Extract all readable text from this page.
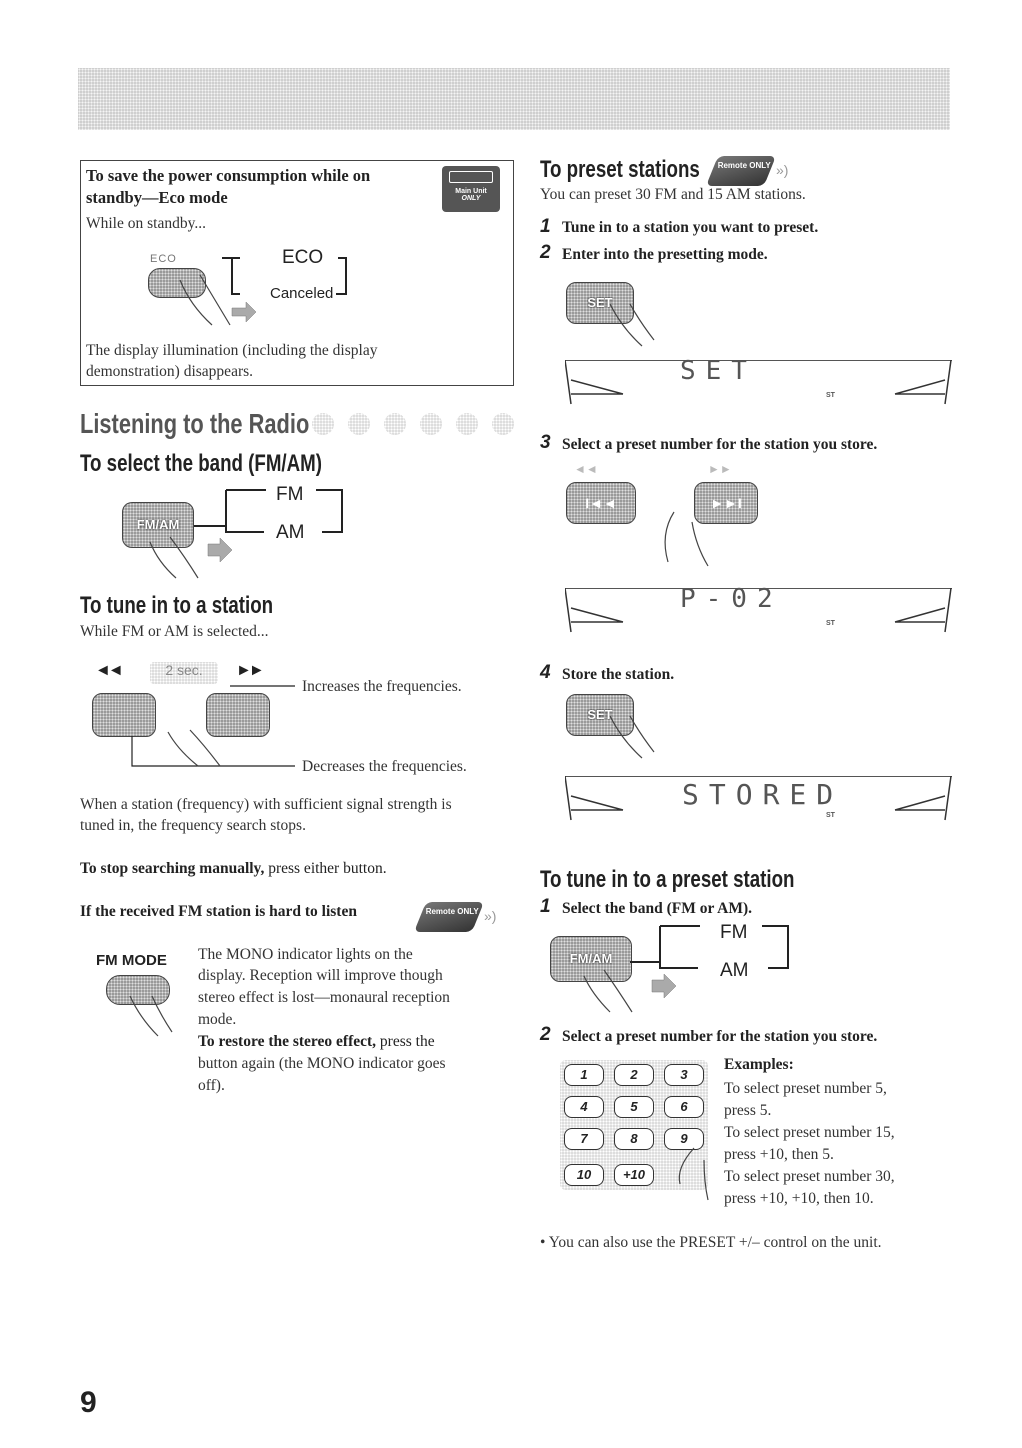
To save the power consumption while on
standby—Eco mode	Main Unit
ONLY
While on standby...
ECO	ECO
Canceled
The display illumination (including the display
demonstration) disappears.
Listening to the Radio
To select the band (FM/AM)
FM/AM
FM
AM
To tune in to a station
While FM or AM is selected...
◄◄	►►
2 sec.
Increases the frequencies.
Decreases the frequencies.
When a station (frequency) with sufficient signal strength is
tuned in, the frequency search stops.
To stop searching manually, press either button.
If the received FM station is hard to listen	Remote ONLY »)
FM MODE The MONO indicator lights on the
display. Reception will improve though
stereo effect is lost—monaural reception
mode.
To restore the stereo effect, press the
button again (the MONO indicator goes
off).
To preset stations	Remote ONLY »)
You can preset 30 FM and 15 AM stations.
1 Tune in to a station you want to preset.
2 Enter into the presetting mode.
SET
SET
ST
3 Select a preset number for the station you store.
◄◄	►►
I◄◄	►►I
P-02
ST
4 Store the station.
SET
STORED
ST
To tune in to a preset station
1 Select the band (FM or AM).
FM/AM
FM
AM
2 Select a preset number for the station you store.
1	2	3
4	5	6
7	8	9
10	+10
Examples:
To select preset number 5,
press 5.
To select preset number 15,
press +10, then 5.
To select preset number 30,
press +10, +10, then 10.
• You can also use the PRESET +/– control on the unit.
9
